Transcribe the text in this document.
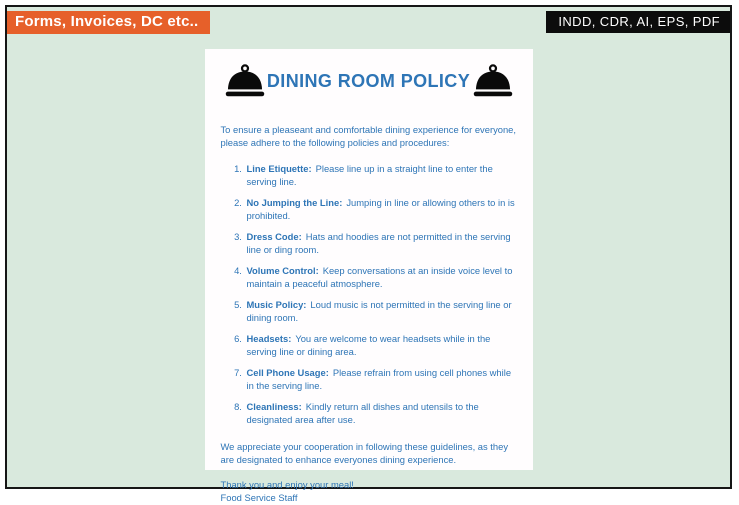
Forms, Invoices, DC etc..	INDD, CDR, AI, EPS, PDF
DINING ROOM POLICY

To ensure a pleaseant and comfortable dining experience for everyone, please adhere to the following policies and procedures:

1. Line Etiquette: Please line up in a straight line to enter the serving line.
2. No Jumping the Line: Jumping in line or allowing others to in is prohibited.
3. Dress Code: Hats and hoodies are not permitted in the serving line or ding room.
4. Volume Control: Keep conversations at an inside voice level to maintain a peaceful atmosphere.
5. Music Policy: Loud music is not permitted in the serving line or dining room.
6. Headsets: You are welcome to wear headsets while in the serving line or dining area.
7. Cell Phone Usage: Please refrain from using cell phones while in the serving line.
8. Cleanliness: Kindly return all dishes and utensils to the designated area after use.

We appreciate your cooperation in following these guidelines, as they are designated to enhance everyones dining experience.

Thank you and enjoy your meal!
Food Service Staff
